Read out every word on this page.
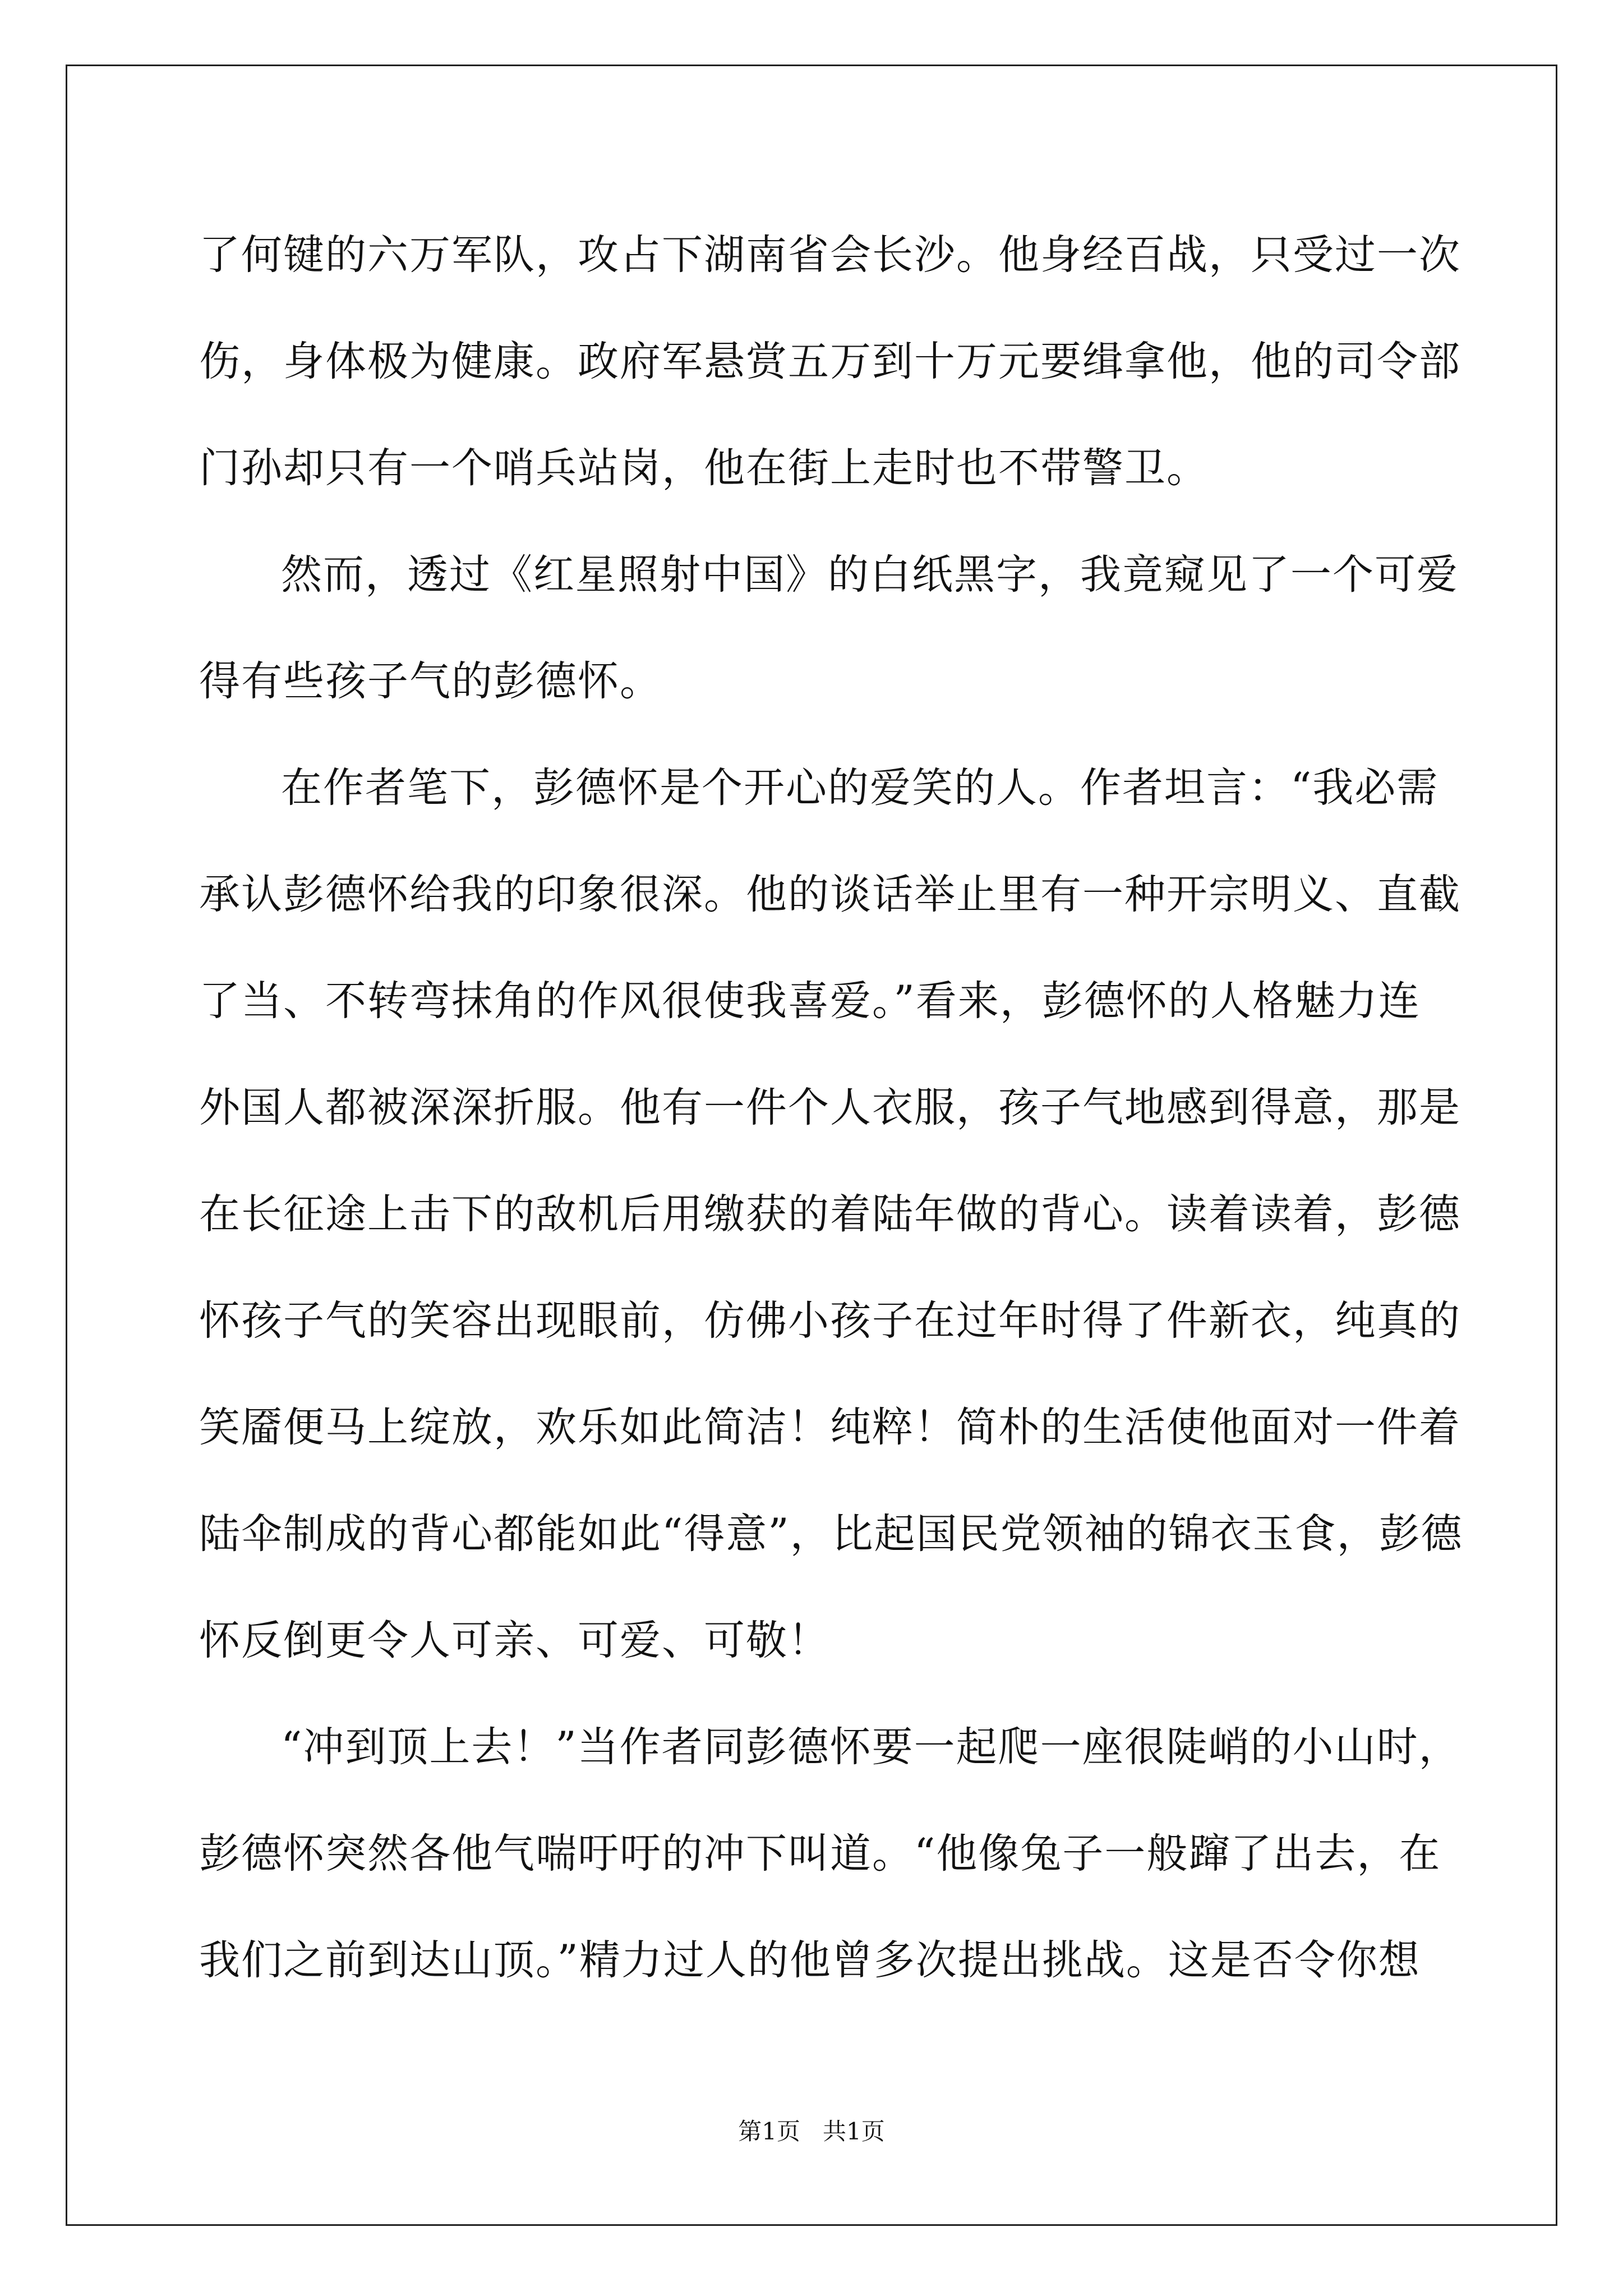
了何键的六万军队，攻占下湖南省会长沙。他身经百战，只受过一次
伤，身体极为健康。政府军悬赏五万到十万元要缉拿他，他的司令部
门孙却只有一个哨兵站岗，他在街上走时也不带警卫。
然而，透过《红星照射中国》的白纸黑字，我竟窥见了一个可爱
得有些孩子气的彭德怀。
在作者笔下，彭德怀是个开心的爱笑的人。作者坦言：“我必需
承认彭德怀给我的印象很深。他的谈话举止里有一种开宗明义、直截
了当、不转弯抹角的作风很使我喜爱。”看来，彭德怀的人格魅力连
外国人都被深深折服。他有一件个人衣服，孩子气地感到得意，那是
在长征途上击下的敌机后用缴获的着陆年做的背心。读着读着，彭德
怀孩子气的笑容出现眼前，仿佛小孩子在过年时得了件新衣，纯真的
笑靥便马上绽放，欢乐如此简洁！纯粹！简朴的生活使他面对一件着
陆伞制成的背心都能如此“得意”，比起国民党领袖的锦衣玉食，彭德
怀反倒更令人可亲、可爱、可敬！
“冲到顶上去！”当作者同彭德怀要一起爬一座很陡峭的小山时，
彭德怀突然各他气喘吁吁的冲下叫道。“他像兔子一般蹿了出去，在
我们之前到达山顶。”精力过人的他曾多次提出挑战。这是否令你想
第1页 共1页
